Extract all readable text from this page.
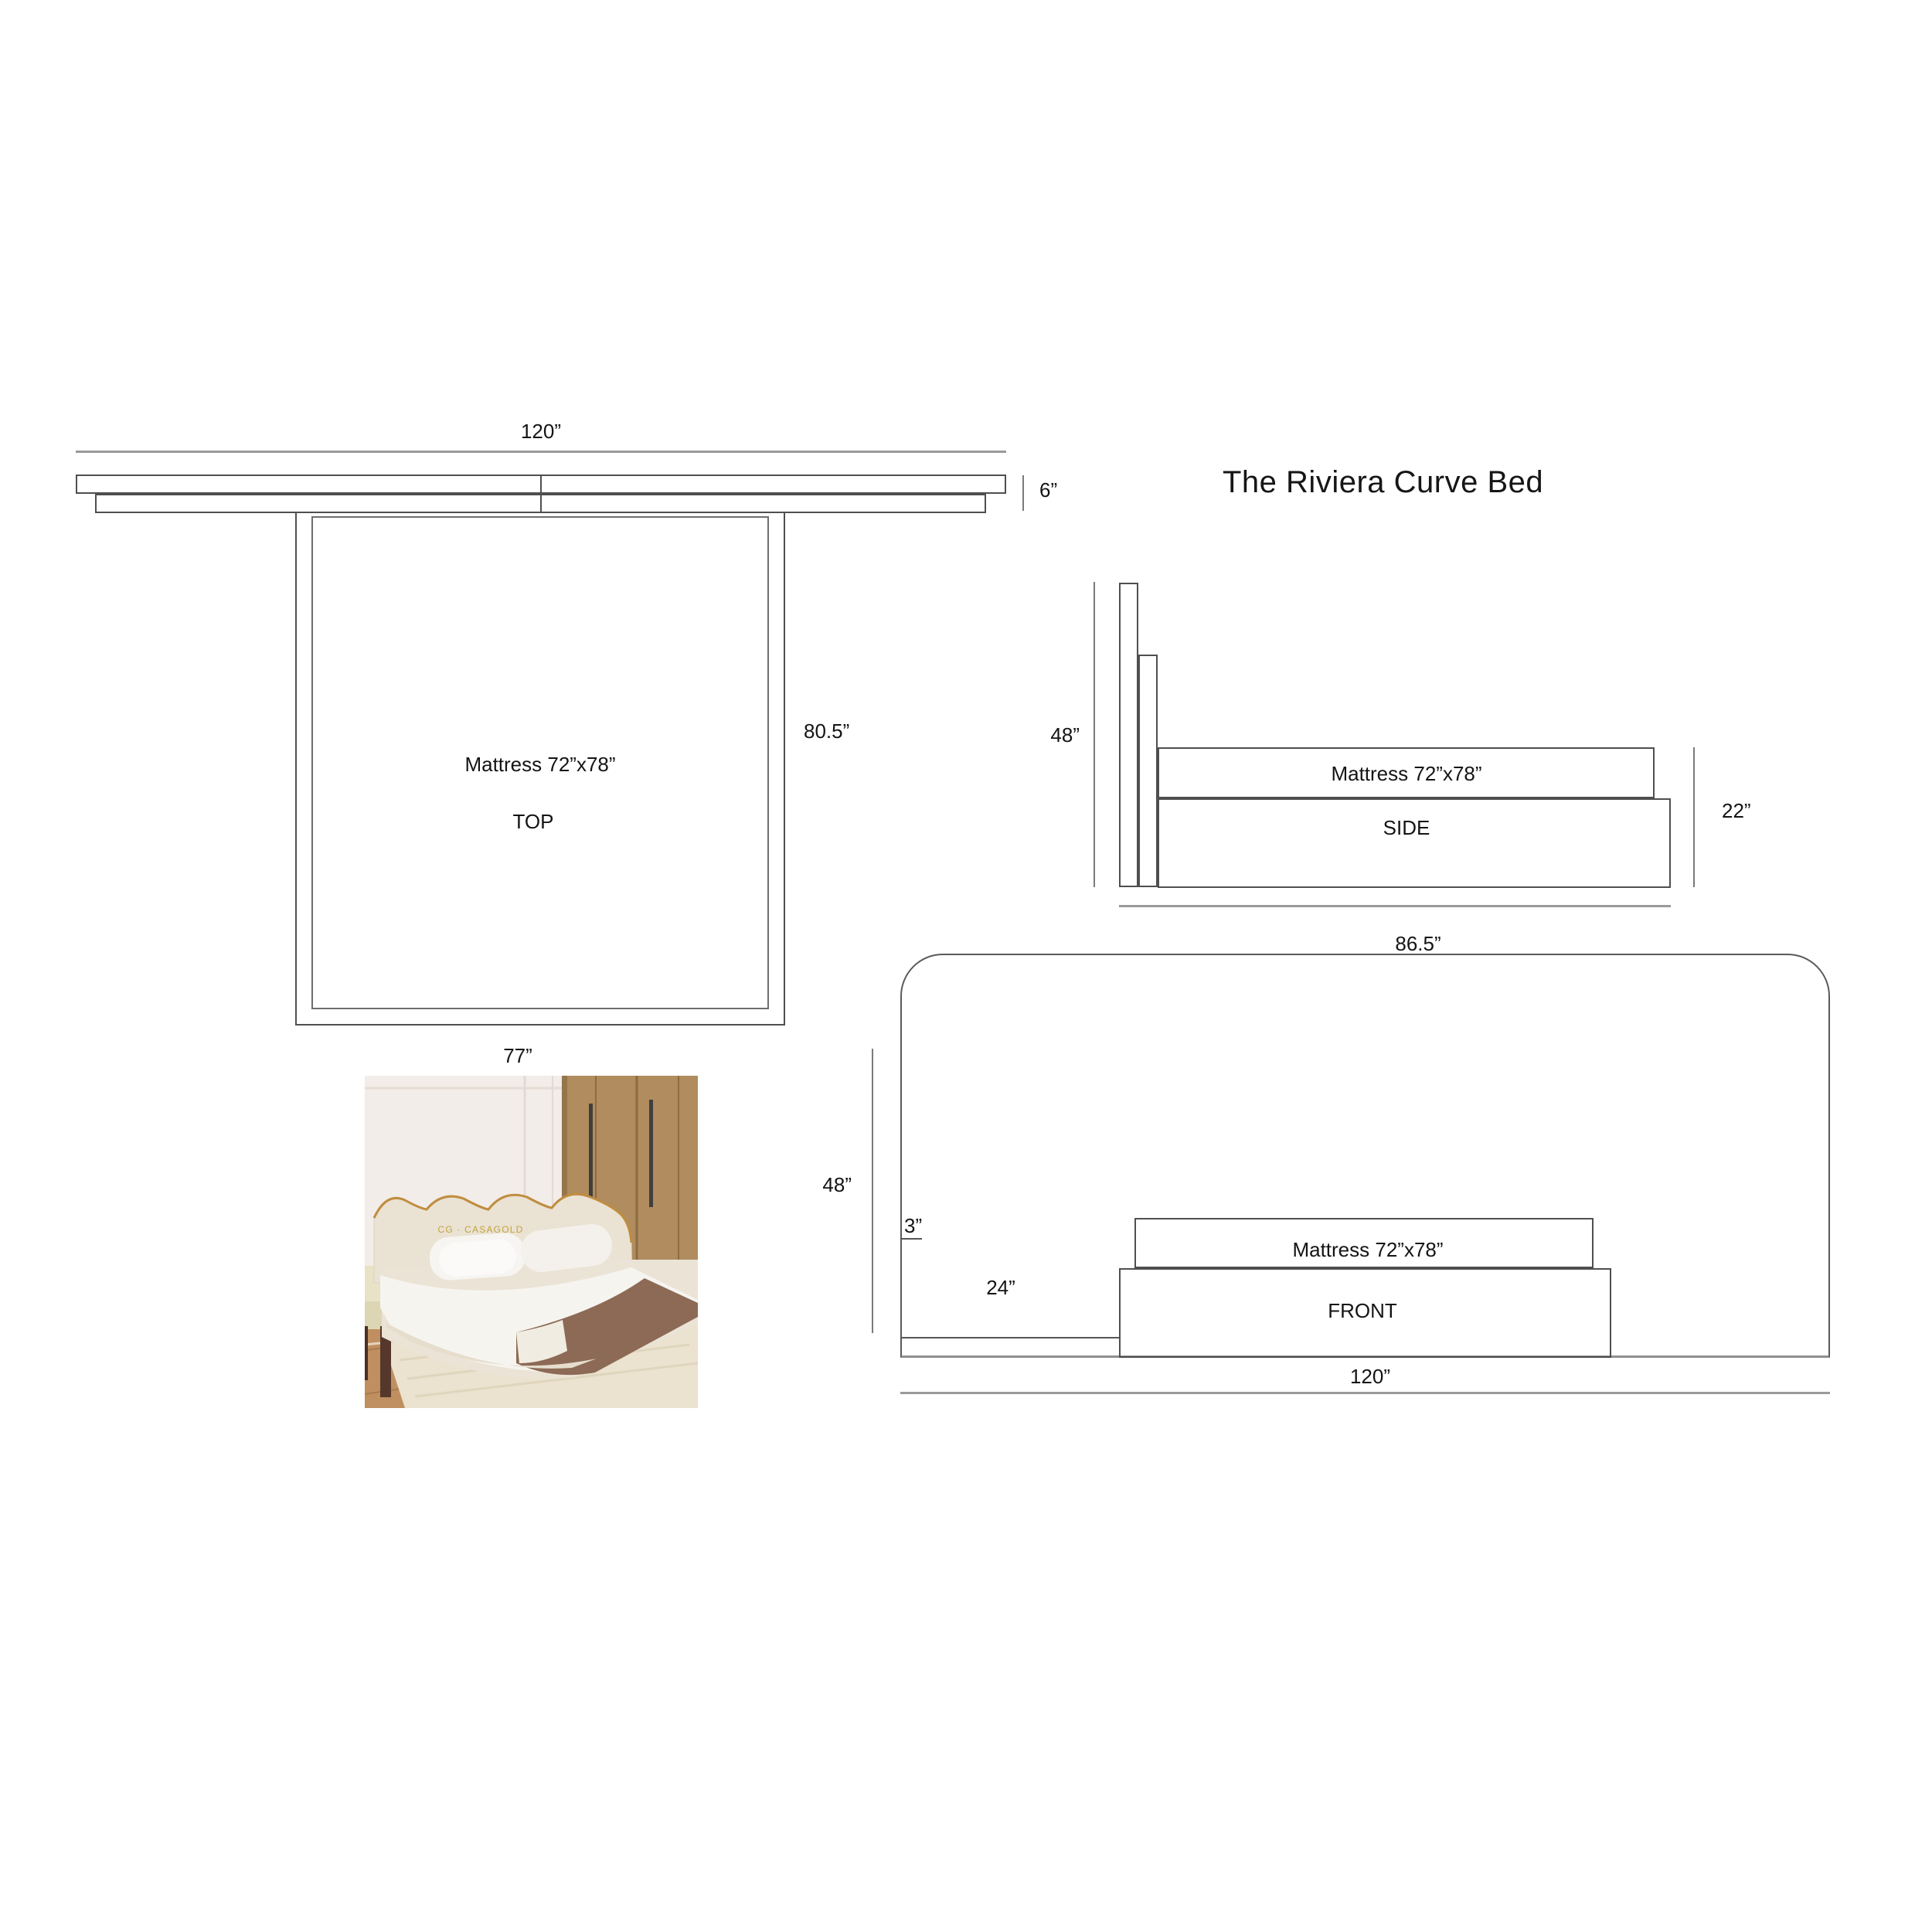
The Riviera Curve Bed
120”
6”
Mattress 72”x78”
TOP
80.5”
77”
48”
Mattress 72”x78”
SIDE
22”
86.5”
48”
3”
24”
Mattress 72”x78”
FRONT
120”
CG · CASAGOLD
